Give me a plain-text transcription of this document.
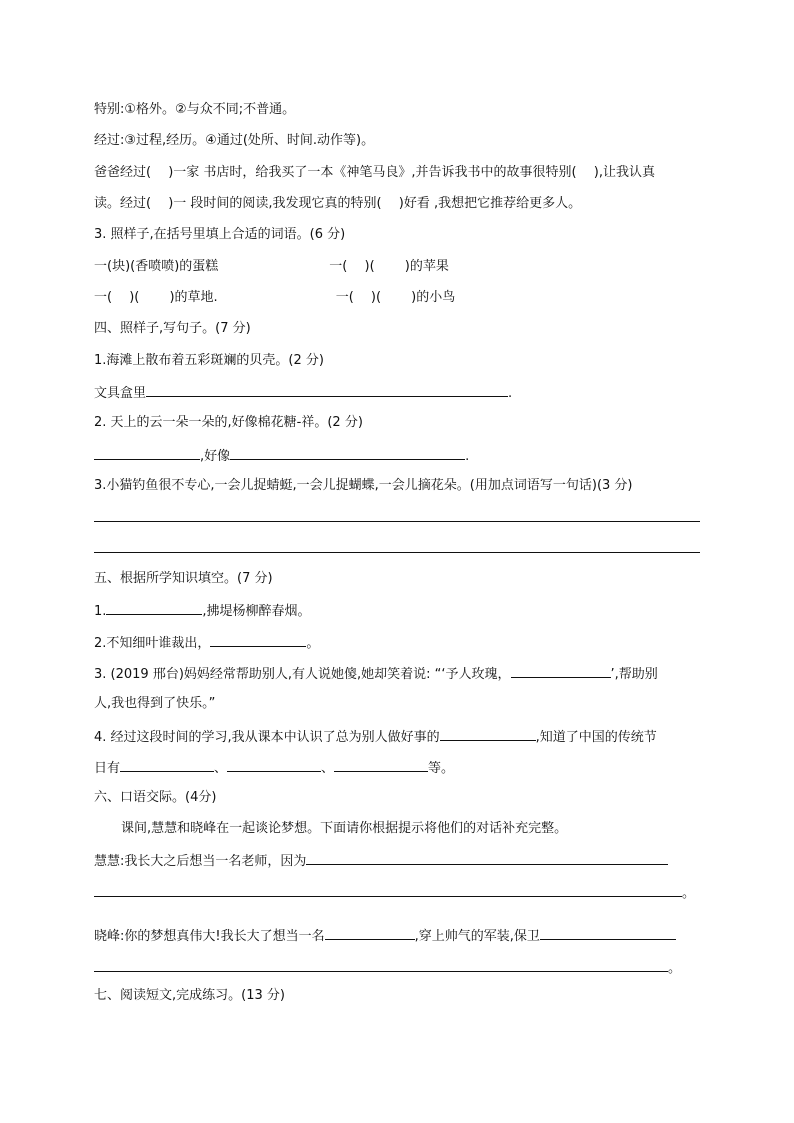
特别:①格外。②与众不同;不普通。
经过:③过程,经历。④通过(处所、时间.动作等)。
爸爸经过(　 )一家 书店时，给我买了一本《神笔马良》,并告诉我书中的故事很特别(　 ),让我认真
读。经过(　 )一 段时间的阅读,我发现它真的特别(　 )好看 ,我想把它推荐给更多人。
3. 照样子,在括号里填上合适的词语。(6 分)
一(块)(香喷喷)的蛋糕	一(　 )(　　 )的苹果
一(　 )(　　 )的草地.	一(　 )(　　 )的小鸟
四、照样子,写句子。(7 分)
1.海滩上散布着五彩斑斓的贝壳。(2 分)
文具盒里	.
2. 天上的云一朵一朵的,好像棉花糖-祥。(2 分)
,好像	.
3.小猫钓鱼很不专心,一会儿捉蜻蜓,一会儿捉蝴蝶,一会儿摘花朵。(用加点词语写一句话)(3 分)
五、根据所学知识填空。(7 分)
1.	,拂堤杨柳醉春烟。
2.不知细叶谁裁出，	。
3. (2019 邢台)妈妈经常帮助别人,有人说她傻,她却笑着说: “‘予人玫瑰，	’,帮助别
人,我也得到了快乐。”
4. 经过这段时间的学习,我从课本中认识了总为别人做好事的	,知道了中国的传统节
日有	、	、	等。
六、口语交际。(4分)
课间,慧慧和晓峰在一起谈论梦想。下面请你根据提示将他们的对话补充完整。
慧慧:我长大之后想当一名老师，因为
。
晓峰:你的梦想真伟大!我长大了想当一名	,穿上帅气的军装,保卫
。
七、阅读短文,完成练习。(13 分)
